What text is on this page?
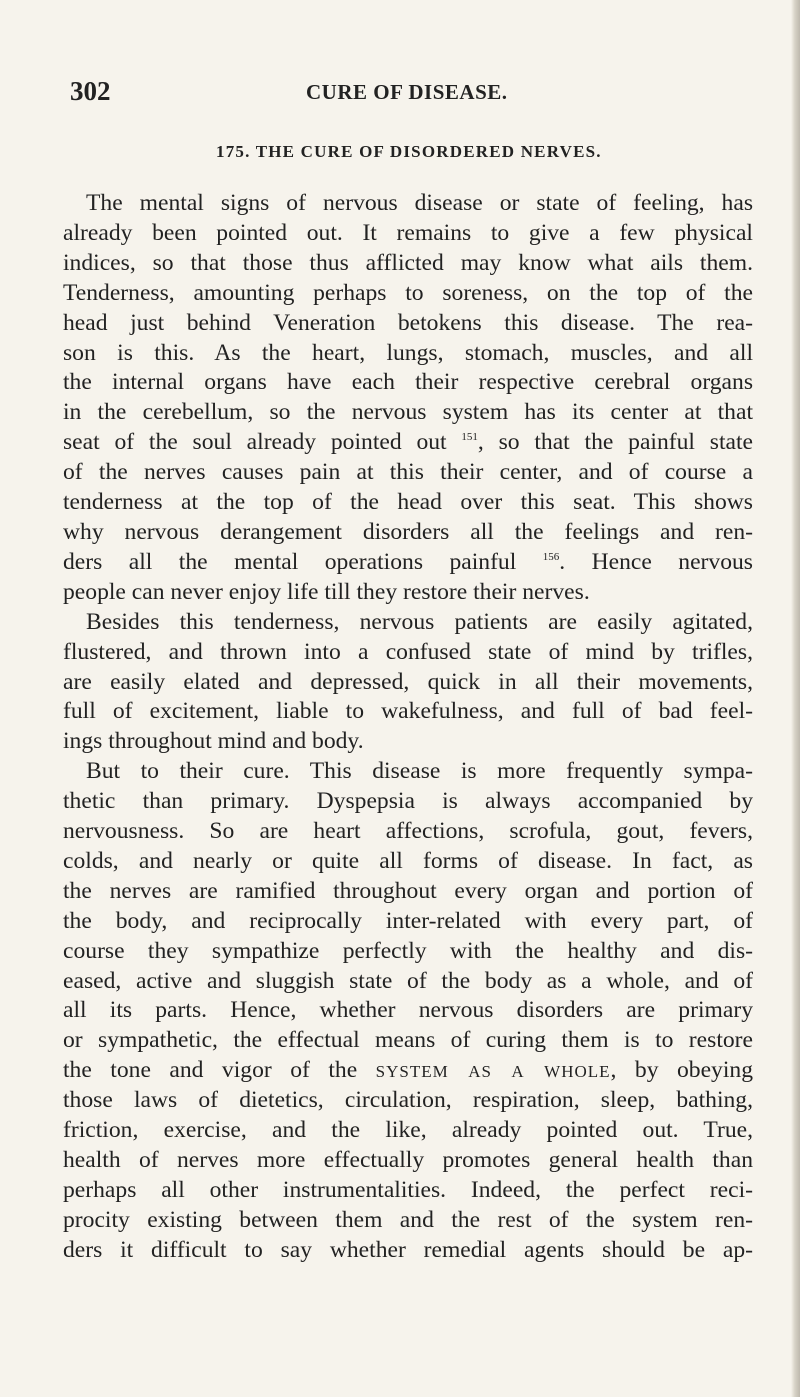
302	CURE OF DISEASE.
175. THE CURE OF DISORDERED NERVES.
The mental signs of nervous disease or state of feeling, has
already been pointed out. It remains to give a few physical
indices, so that those thus afflicted may know what ails them.
Tenderness, amounting perhaps to soreness, on the top of the
head just behind Veneration betokens this disease. The rea-
son is this. As the heart, lungs, stomach, muscles, and all
the internal organs have each their respective cerebral organs
in the cerebellum, so the nervous system has its center at that
seat of the soul already pointed out $^{151}$, so that the painful state
of the nerves causes pain at this their center, and of course a
tenderness at the top of the head over this seat. This shows
why nervous derangement disorders all the feelings and ren-
ders all the mental operations painful $^{156}$. Hence nervous
people can never enjoy life till they restore their nerves.
Besides this tenderness, nervous patients are easily agitated,
flustered, and thrown into a confused state of mind by trifles,
are easily elated and depressed, quick in all their movements,
full of excitement, liable to wakefulness, and full of bad feel-
ings throughout mind and body.
But to their cure. This disease is more frequently sympa-
thetic than primary. Dyspepsia is always accompanied by
nervousness. So are heart affections, scrofula, gout, fevers,
colds, and nearly or quite all forms of disease. In fact, as
the nerves are ramified throughout every organ and portion of
the body, and reciprocally inter-related with every part, of
course they sympathize perfectly with the healthy and dis-
eased, active and sluggish state of the body as a whole, and of
all its parts. Hence, whether nervous disorders are primary
or sympathetic, the effectual means of curing them is to restore
the tone and vigor of the system as a whole, by obeying
those laws of dietetics, circulation, respiration, sleep, bathing,
friction, exercise, and the like, already pointed out. True,
health of nerves more effectually promotes general health than
perhaps all other instrumentalities. Indeed, the perfect reci-
procity existing between them and the rest of the system ren-
ders it difficult to say whether remedial agents should be ap-
